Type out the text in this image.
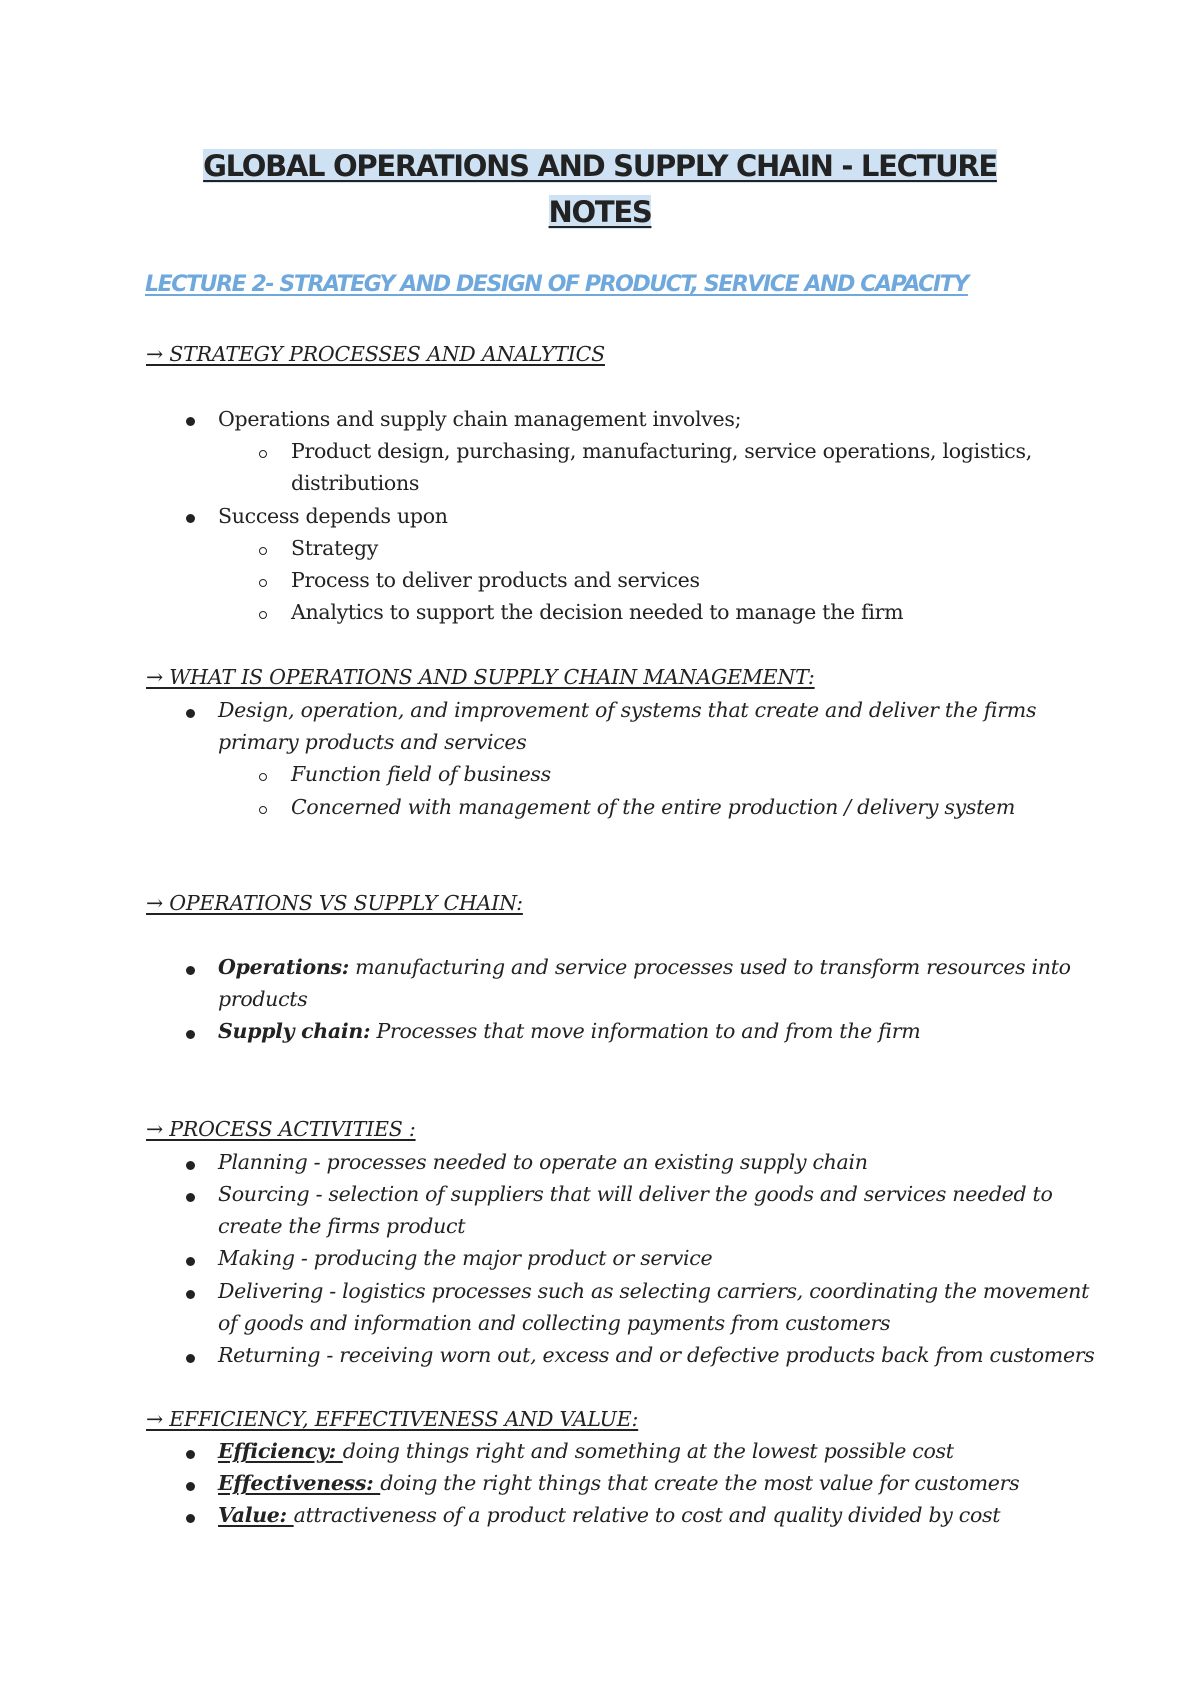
GLOBAL OPERATIONS AND SUPPLY CHAIN - LECTURE
NOTES
LECTURE 2- STRATEGY AND DESIGN OF PRODUCT, SERVICE AND CAPACITY
→ STRATEGY PROCESSES AND ANALYTICS
Operations and supply chain management involves;
Product design, purchasing, manufacturing, service operations, logistics,
distributions
Success depends upon
Strategy
Process to deliver products and services
Analytics to support the decision needed to manage the firm
→ WHAT IS OPERATIONS AND SUPPLY CHAIN MANAGEMENT:
Design, operation, and improvement of systems that create and deliver the firms
primary products and services
Function field of business
Concerned with management of the entire production / delivery system
→ OPERATIONS VS SUPPLY CHAIN:
Operations: manufacturing and service processes used to transform resources into
products
Supply chain: Processes that move information to and from the firm
→ PROCESS ACTIVITIES :
Planning - processes needed to operate an existing supply chain
Sourcing - selection of suppliers that will deliver the goods and services needed to
create the firms product
Making - producing the major product or service
Delivering - logistics processes such as selecting carriers, coordinating the movement
of goods and information and collecting payments from customers
Returning - receiving worn out, excess and or defective products back from customers
→ EFFICIENCY, EFFECTIVENESS AND VALUE:
Efficiency: doing things right and something at the lowest possible cost
Effectiveness: doing the right things that create the most value for customers
Value: attractiveness of a product relative to cost and quality divided by cost
